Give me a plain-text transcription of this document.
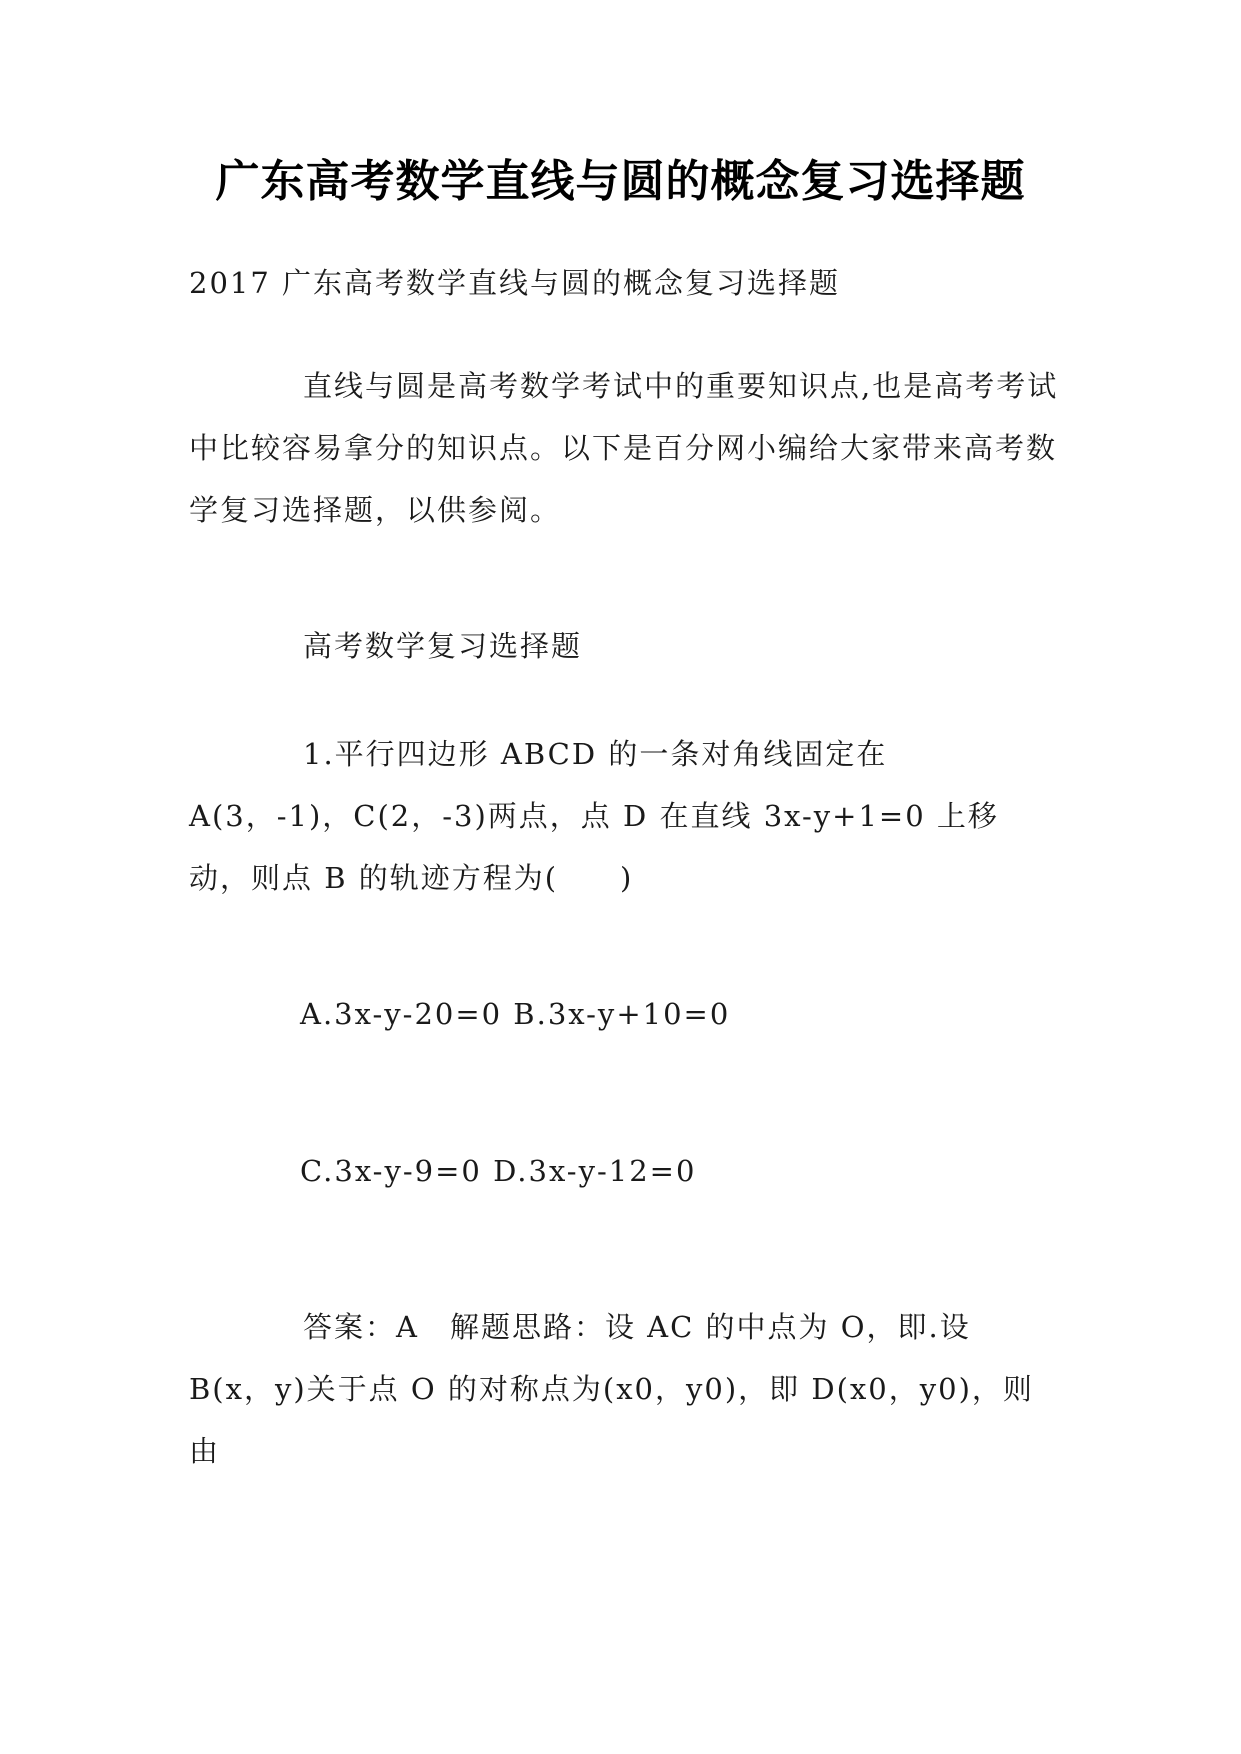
广东高考数学直线与圆的概念复习选择题
2017 广东高考数学直线与圆的概念复习选择题
直线与圆是高考数学考试中的重要知识点,也是高考考试中比较容易拿分的知识点。以下是百分网小编给大家带来高考数学复习选择题，以供参阅。
高考数学复习选择题
1.平行四边形 ABCD 的一条对角线固定在 A(3，-1)，C(2，-3)两点，点 D 在直线 3x-y+1=0 上移动，则点 B 的轨迹方程为(　　)
A.3x-y-20=0 B.3x-y+10=0
C.3x-y-9=0 D.3x-y-12=0
答案：A　解题思路：设 AC 的中点为 O，即.设 B(x，y)关于点 O 的对称点为(x0，y0)，即 D(x0，y0)，则由
